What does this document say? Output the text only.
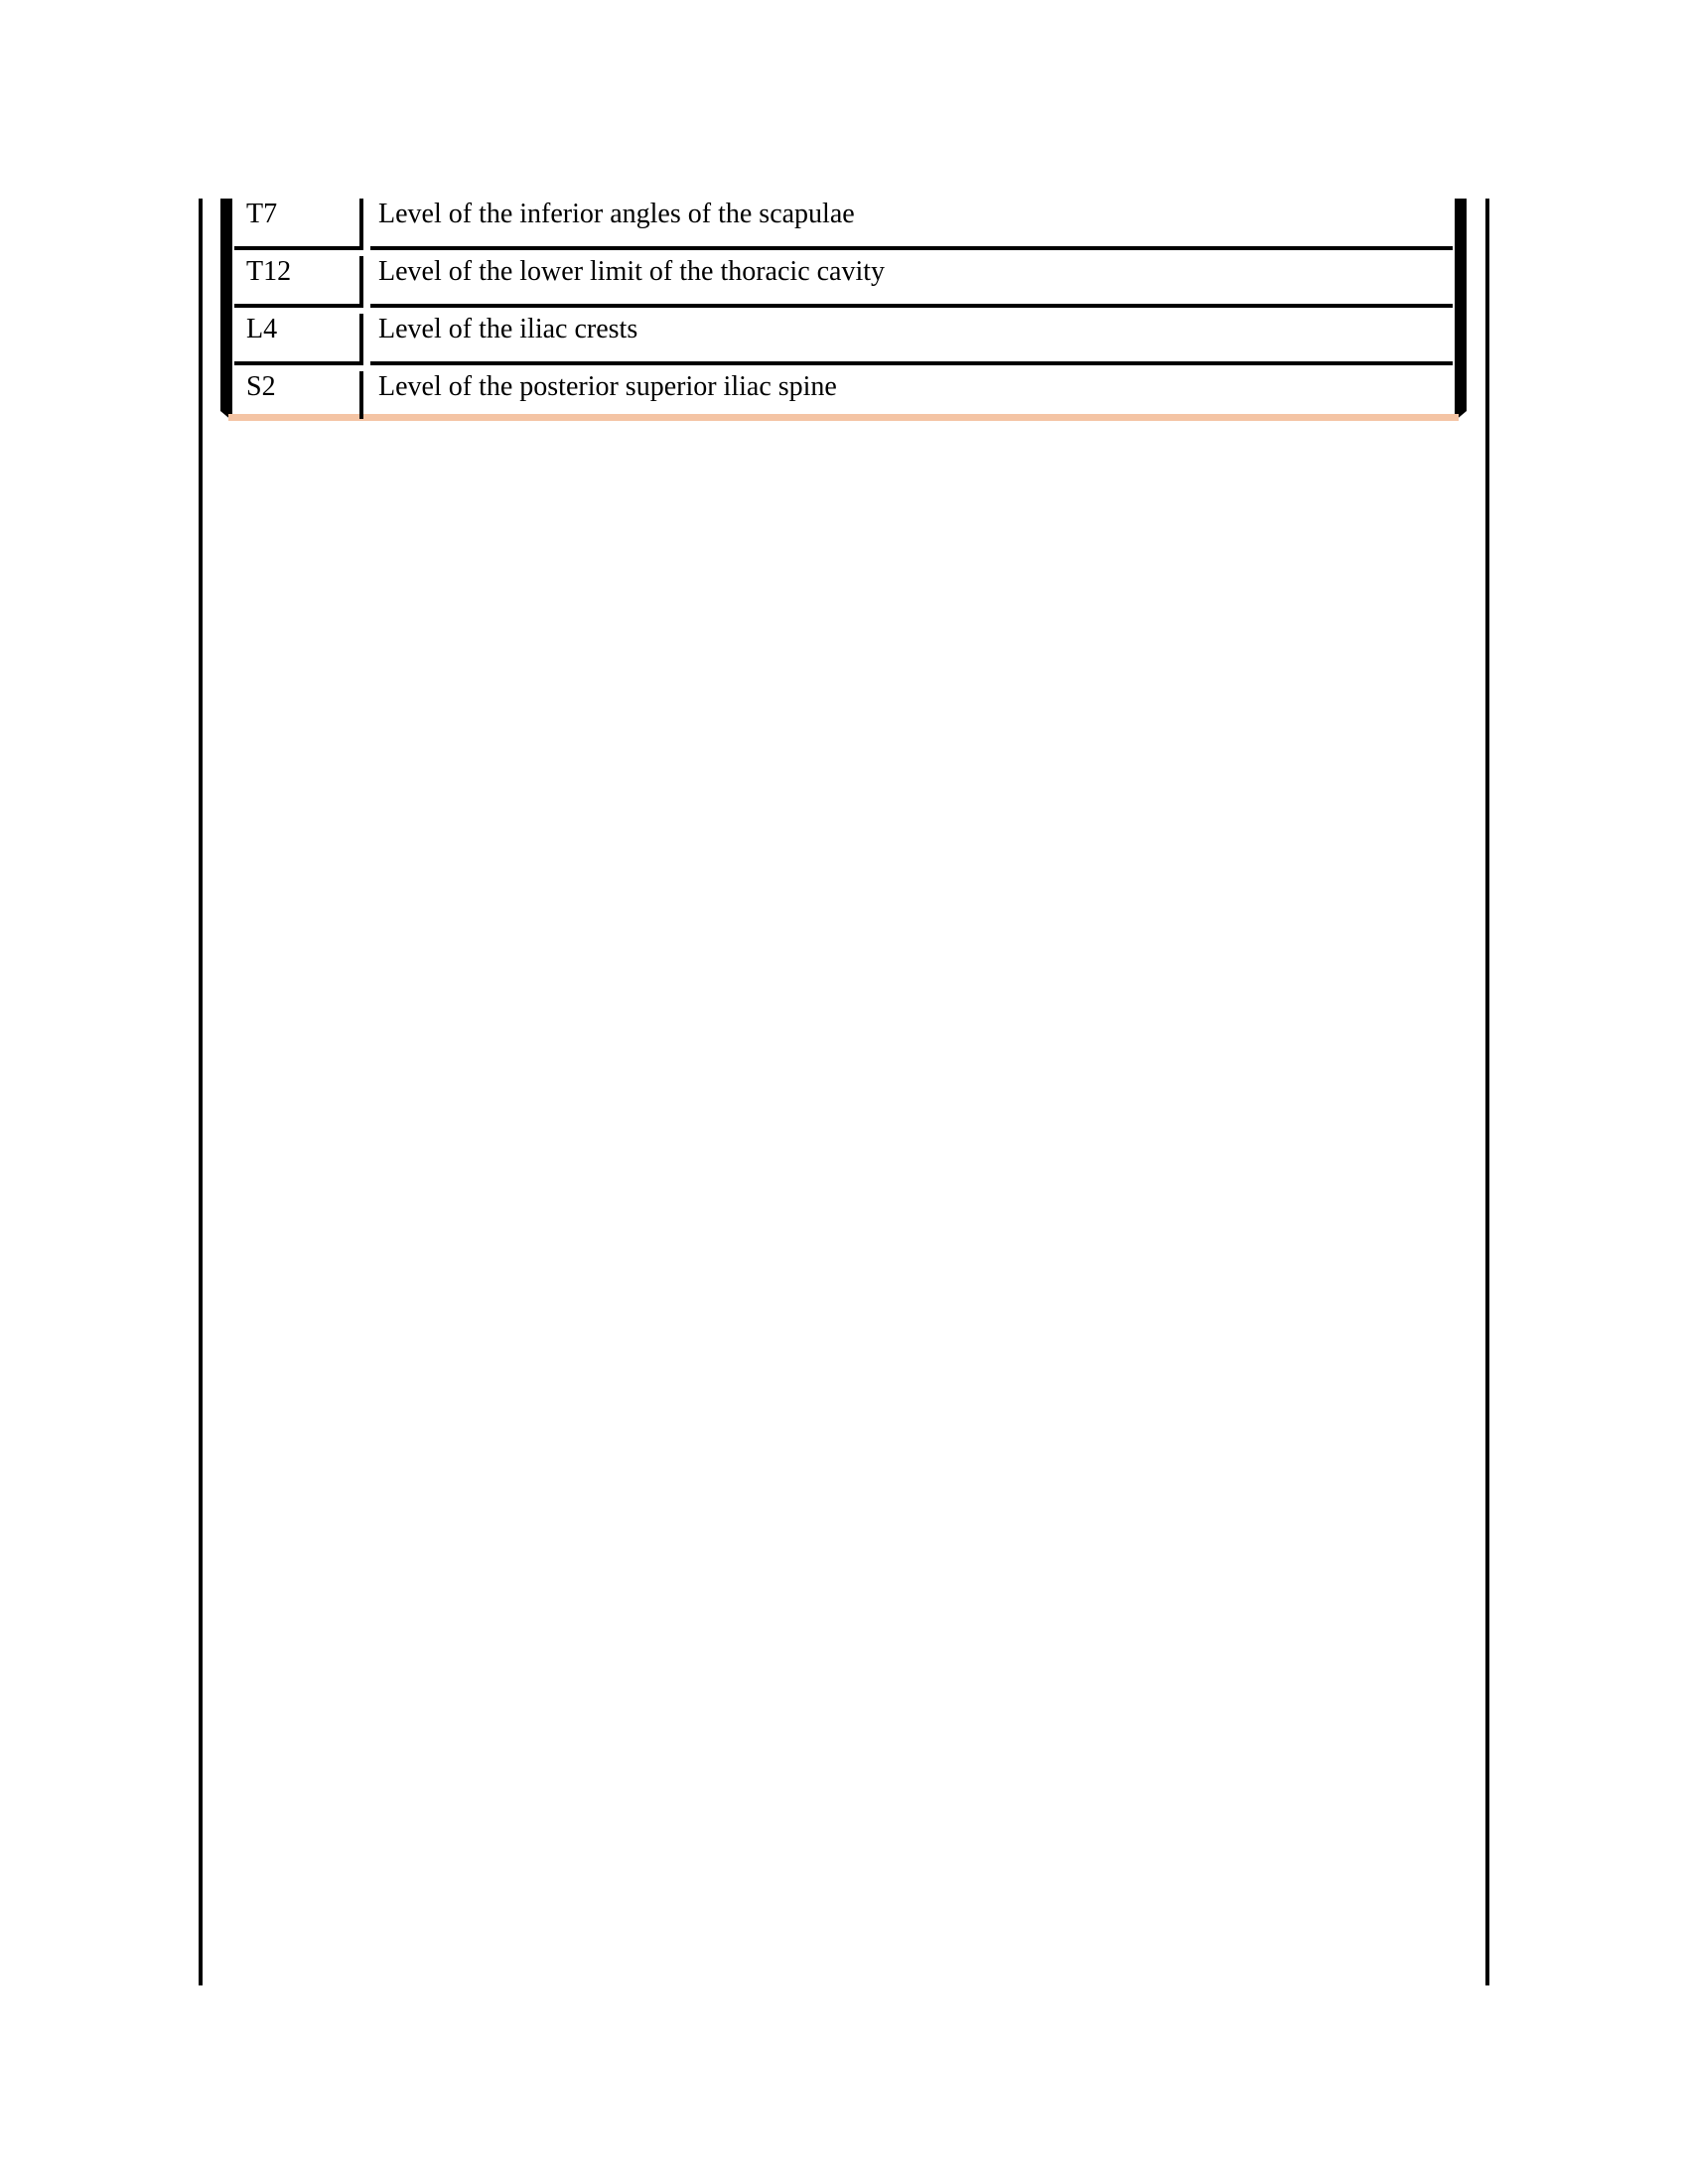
T7	Level of the inferior angles of the scapulae
T12	Level of the lower limit of the thoracic cavity
L4	Level of the iliac crests
S2	Level of the posterior superior iliac spine
